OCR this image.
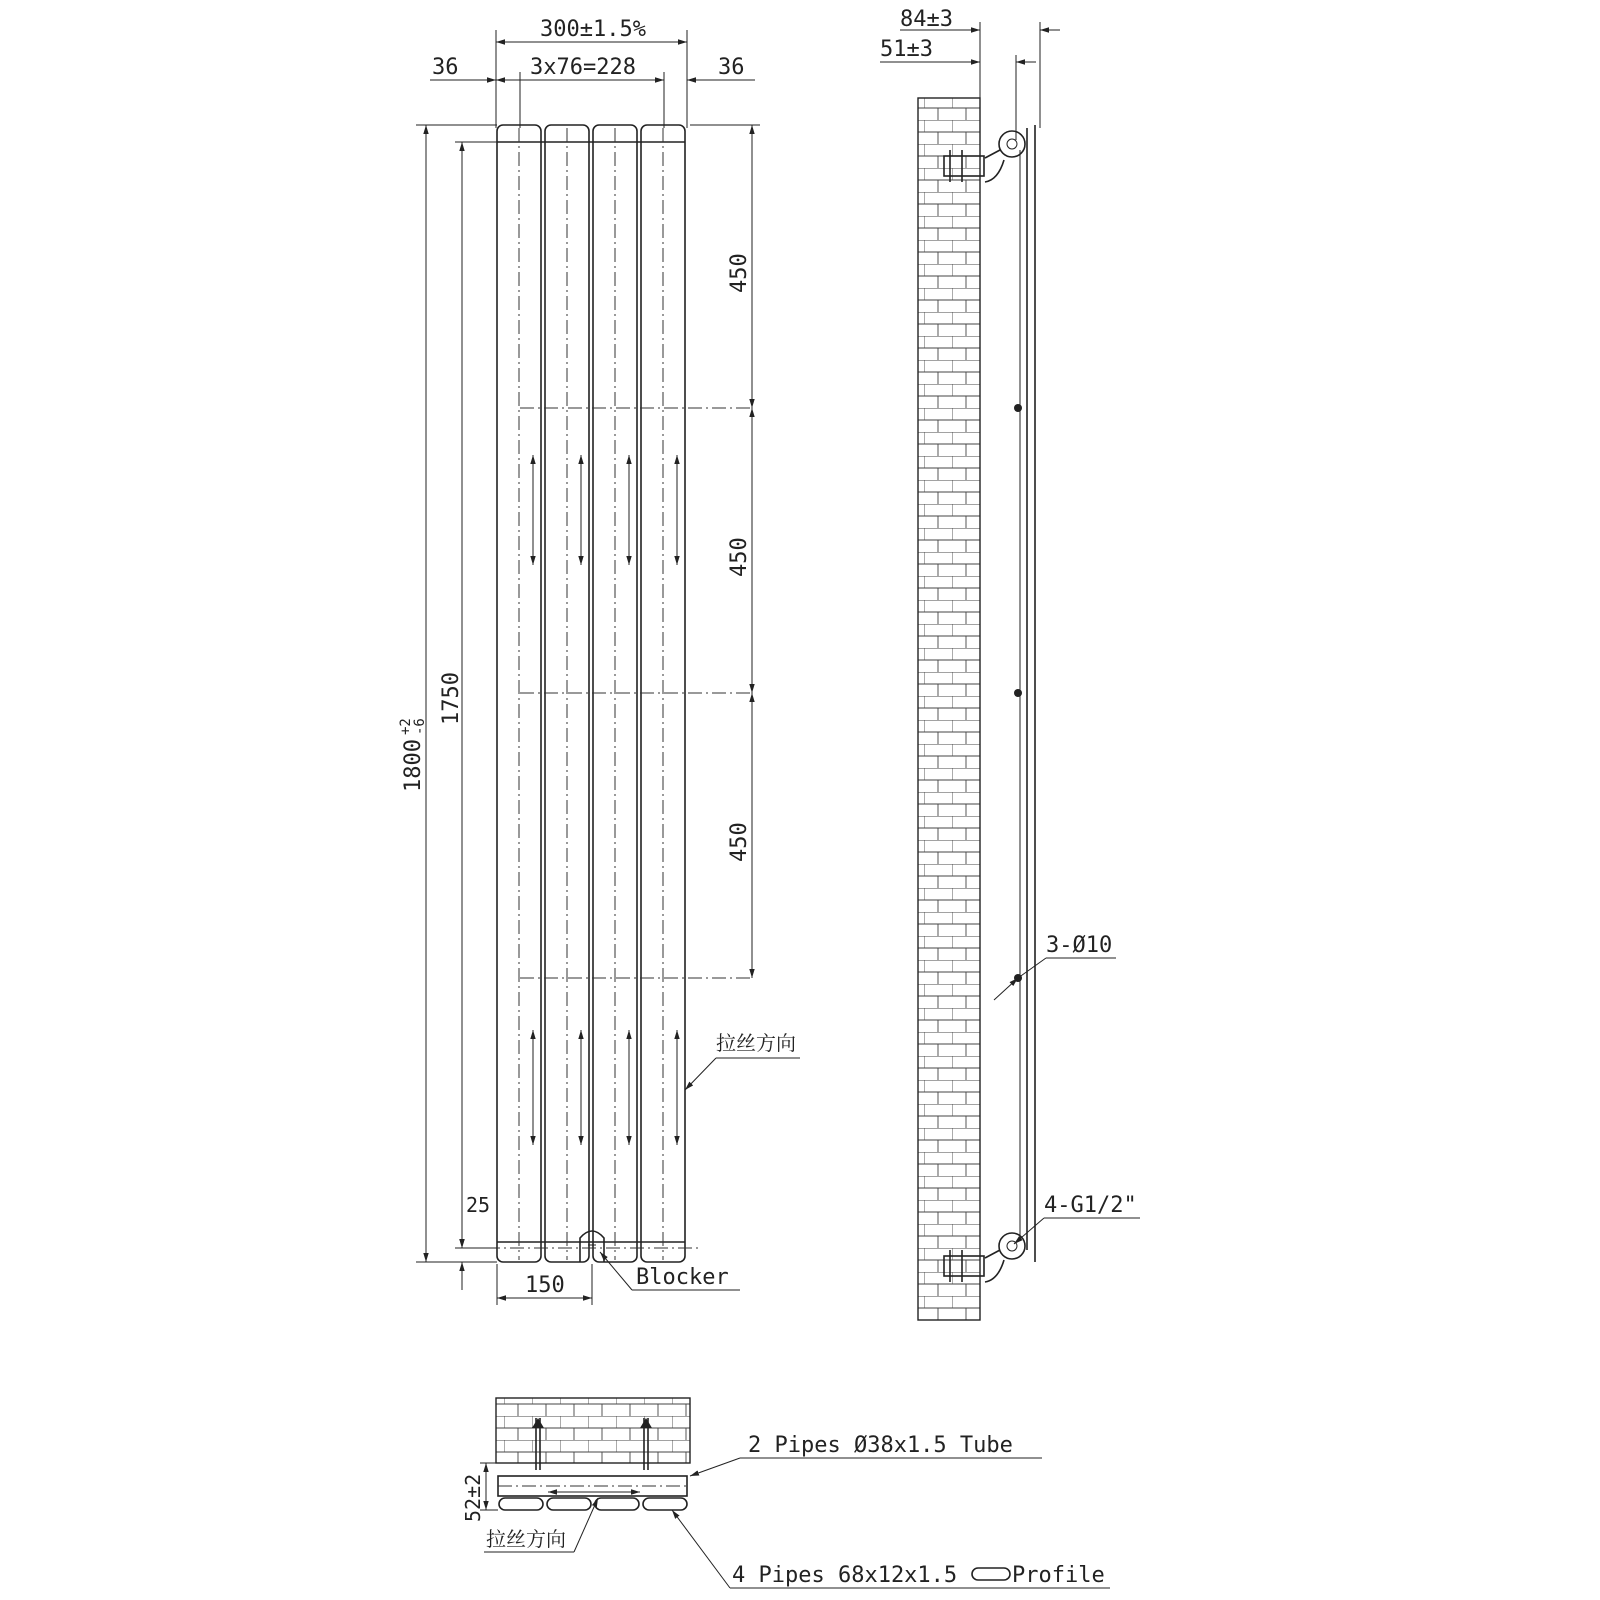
300±1.5%
36	3x76=228	36
1800
+2
-6
1750
25
450
450
450
150	Blocker
拉丝方向
84±3
51±3
3-Ø10
4-G1/2"
52±2
拉丝方向
2 Pipes Ø38x1.5 Tube
4 Pipes 68x12x1.5 Profile
